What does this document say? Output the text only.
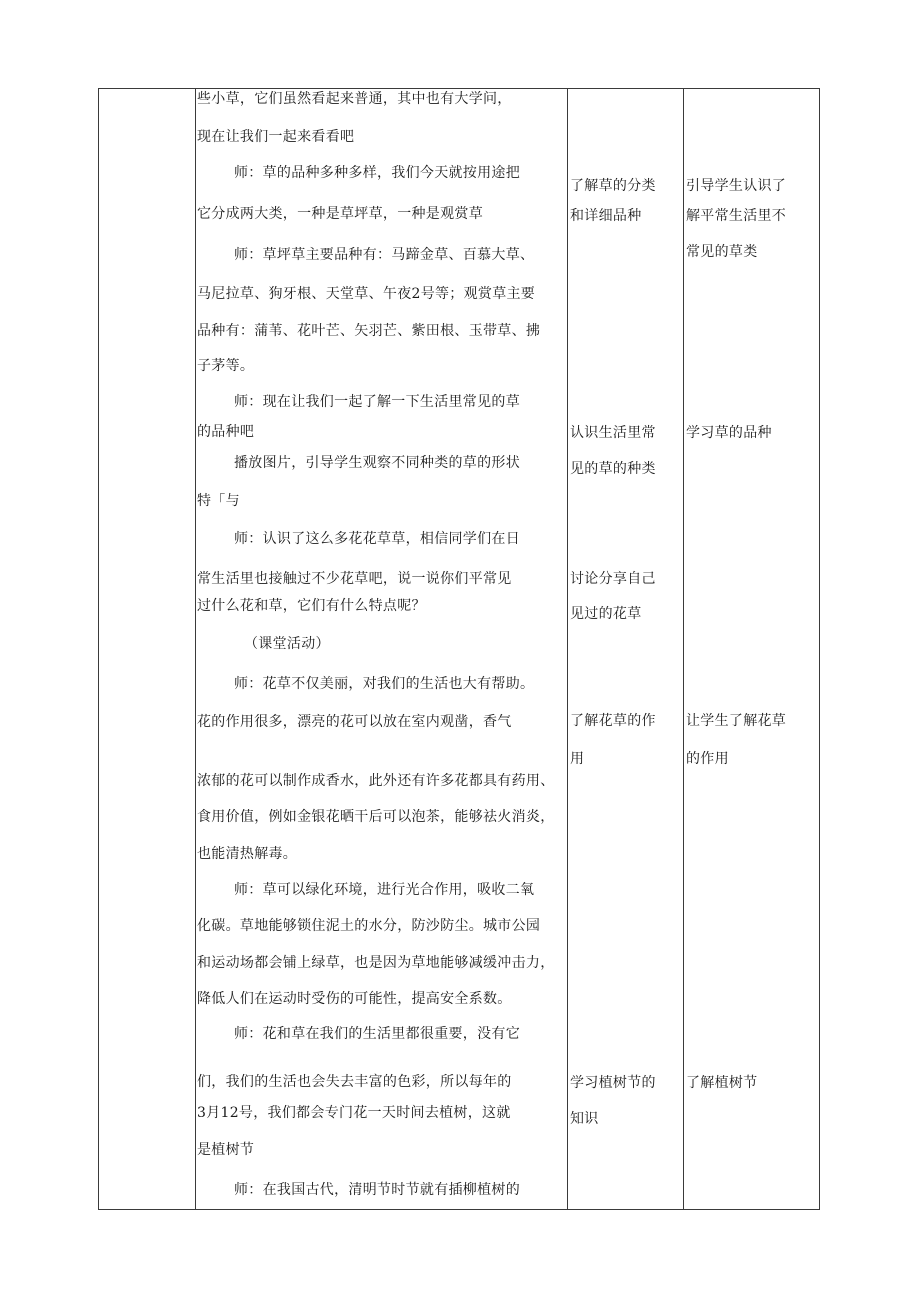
些小草，它们虽然看起来普通，其中也有大学问，
现在让我们一起来看看吧
师：草的品种多种多样，我们今天就按用途把
它分成两大类，一种是草坪草，一种是观赏草
师：草坪草主要品种有：马蹄金草、百慕大草、
马尼拉草、狗牙根、天堂草、午夜2号等；观赏草主要
品种有：蒲苇、花叶芒、矢羽芒、紫田根、玉带草、拂
子茅等。
师：现在让我们一起了解一下生活里常见的草
的品种吧
播放图片，引导学生观察不同种类的草的形状
特「与
师：认识了这么多花花草草，相信同学们在日
常生活里也接触过不少花草吧，说一说你们平常见
过什么花和草，它们有什么特点呢？
（课堂活动）
师：花草不仅美丽，对我们的生活也大有帮助。
花的作用很多，漂亮的花可以放在室内观凿，香气
浓郁的花可以制作成香水，此外还有许多花都具有药用、
食用价值，例如金银花晒干后可以泡茶，能够祛火消炎，
也能清热解毒。
师：草可以绿化环境，进行光合作用，吸收二氧
化碳。草地能够锁住泥土的水分，防沙防尘。城市公园
和运动场都会铺上绿草，也是因为草地能够减缓冲击力，
降低人们在运动时受伤的可能性，提高安全系数。
师：花和草在我们的生活里都很重要，没有它
们，我们的生活也会失去丰富的色彩，所以每年的
3月12号，我们都会专门花一天时间去植树，这就
是植树节
师：在我国古代，清明节时节就有插柳植树的
了解草的分类
和详细品种
认识生活里常
见的草的种类
讨论分享自己
见过的花草
了解花草的作
用
学习植树节的
知识
引导学生认识了
解平常生活里不
常见的草类
学习草的品种
让学生了解花草
的作用
了解植树节
